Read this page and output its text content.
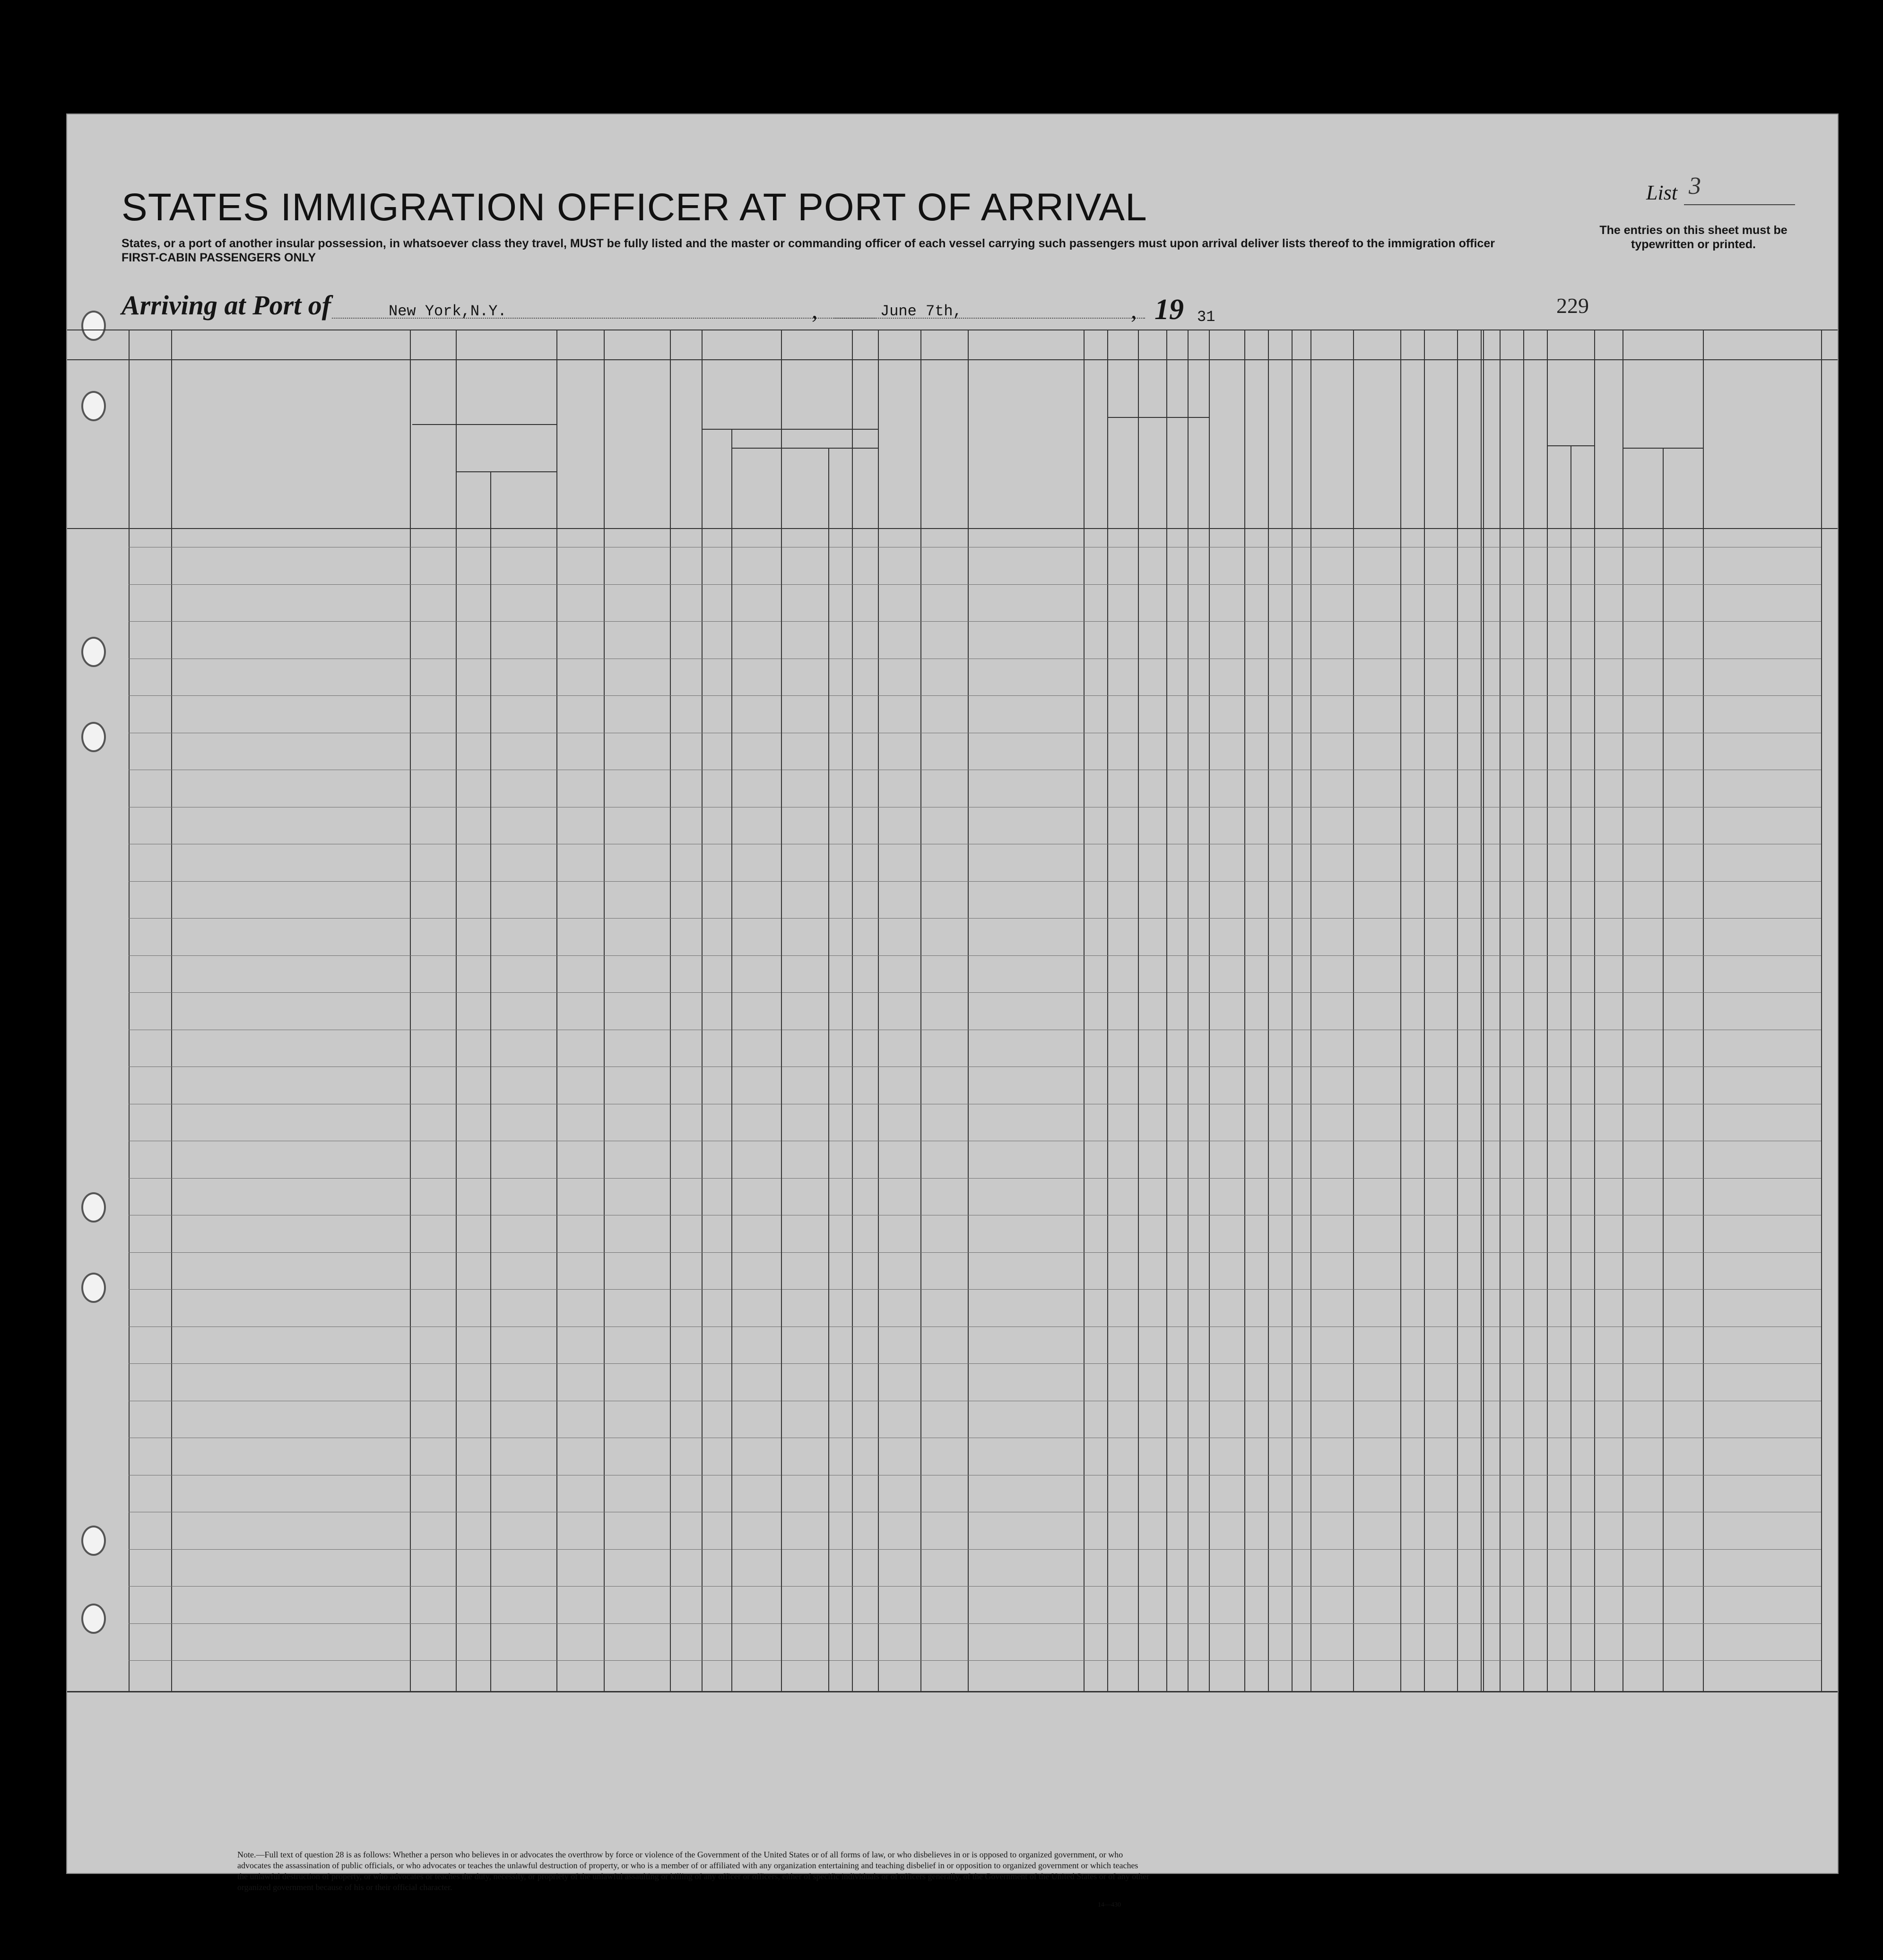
STATES IMMIGRATION OFFICER AT PORT OF ARRIVAL
States, or a port of another insular possession, in whatsoever class they travel, MUST be fully listed and the master or commanding officer of each vessel carrying such passengers must upon arrival deliver lists thereof to the immigration officer
FIRST-CABIN PASSENGERS ONLY
List 3
The entries on this sheet must be typewritten or printed.
Arriving at Port of	New York,N.Y.	,	June 7th,	, 19 31	229
Note.—Full text of question 28 is as follows: Whether a person who believes in or advocates the overthrow by force or violence of the Government of the United States or of all forms of law, or who disbelieves in or is opposed to organized government, or who advocates the assassination of public officials, or who advocates or teaches the unlawful destruction of property, or who is a member of or affiliated with any organization entertaining and teaching disbelief in or opposition to organized government or which teaches the unlawful destruction of property, or who advocates or teaches the duty, necessity, or propriety of the unlawful assaulting or killing of any officer or officers, either of specific individuals or of officers generally, of the Government of the United States or of any other organized government because of his or their official character.
14—430
